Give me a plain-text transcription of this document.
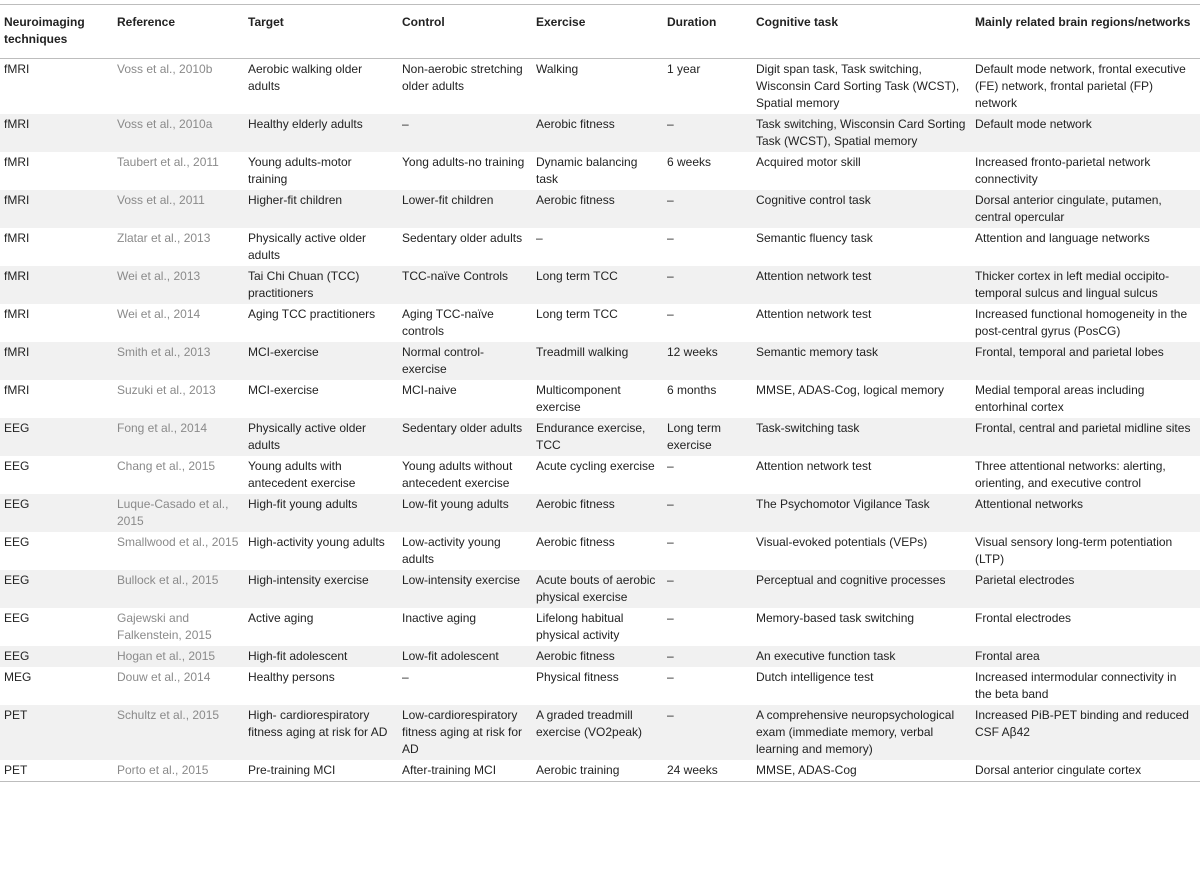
Neuroimaging techniques	Reference	Target	Control	Exercise	Duration	Cognitive task	Mainly related brain regions/networks
fMRI	Voss et al., 2010b	Aerobic walking older adults	Non-aerobic stretching older adults	Walking	1 year	Digit span task, Task switching, Wisconsin Card Sorting Task (WCST), Spatial memory	Default mode network, frontal executive (FE) network, frontal parietal (FP) network
fMRI	Voss et al., 2010a	Healthy elderly adults	–	Aerobic fitness	–	Task switching, Wisconsin Card Sorting Task (WCST), Spatial memory	Default mode network
fMRI	Taubert et al., 2011	Young adults-motor training	Yong adults-no training	Dynamic balancing task	6 weeks	Acquired motor skill	Increased fronto-parietal network connectivity
fMRI	Voss et al., 2011	Higher-fit children	Lower-fit children	Aerobic fitness	–	Cognitive control task	Dorsal anterior cingulate, putamen, central opercular
fMRI	Zlatar et al., 2013	Physically active older adults	Sedentary older adults	–	–	Semantic fluency task	Attention and language networks
fMRI	Wei et al., 2013	Tai Chi Chuan (TCC) practitioners	TCC-naïve Controls	Long term TCC	–	Attention network test	Thicker cortex in left medial occipito-temporal sulcus and lingual sulcus
fMRI	Wei et al., 2014	Aging TCC practitioners	Aging TCC-naïve controls	Long term TCC	–	Attention network test	Increased functional homogeneity in the post-central gyrus (PosCG)
fMRI	Smith et al., 2013	MCI-exercise	Normal control-exercise	Treadmill walking	12 weeks	Semantic memory task	Frontal, temporal and parietal lobes
fMRI	Suzuki et al., 2013	MCI-exercise	MCI-naive	Multicomponent exercise	6 months	MMSE, ADAS-Cog, logical memory	Medial temporal areas including entorhinal cortex
EEG	Fong et al., 2014	Physically active older adults	Sedentary older adults	Endurance exercise, TCC	Long term exercise	Task-switching task	Frontal, central and parietal midline sites
EEG	Chang et al., 2015	Young adults with antecedent exercise	Young adults without antecedent exercise	Acute cycling exercise	–	Attention network test	Three attentional networks: alerting, orienting, and executive control
EEG	Luque-Casado et al., 2015	High-fit young adults	Low-fit young adults	Aerobic fitness	–	The Psychomotor Vigilance Task	Attentional networks
EEG	Smallwood et al., 2015	High-activity young adults	Low-activity young adults	Aerobic fitness	–	Visual-evoked potentials (VEPs)	Visual sensory long-term potentiation (LTP)
EEG	Bullock et al., 2015	High-intensity exercise	Low-intensity exercise	Acute bouts of aerobic physical exercise	–	Perceptual and cognitive processes	Parietal electrodes
EEG	Gajewski and Falkenstein, 2015	Active aging	Inactive aging	Lifelong habitual physical activity	–	Memory-based task switching	Frontal electrodes
EEG	Hogan et al., 2015	High-fit adolescent	Low-fit adolescent	Aerobic fitness	–	An executive function task	Frontal area
MEG	Douw et al., 2014	Healthy persons	–	Physical fitness	–	Dutch intelligence test	Increased intermodular connectivity in the beta band
PET	Schultz et al., 2015	High- cardiorespiratory fitness aging at risk for AD	Low-cardiorespiratory fitness aging at risk for AD	A graded treadmill exercise (VO2peak)	–	A comprehensive neuropsychological exam (immediate memory, verbal learning and memory)	Increased PiB-PET binding and reduced CSF Aβ42
PET	Porto et al., 2015	Pre-training MCI	After-training MCI	Aerobic training	24 weeks	MMSE, ADAS-Cog	Dorsal anterior cingulate cortex
